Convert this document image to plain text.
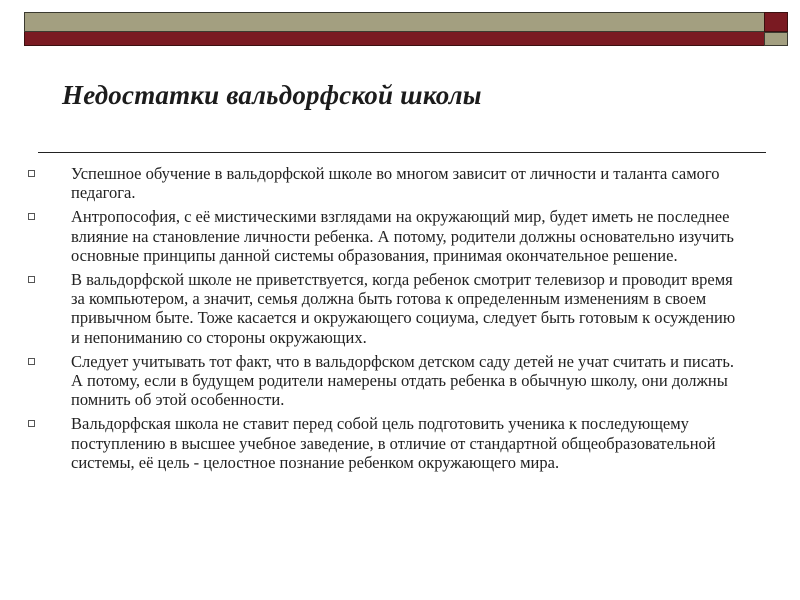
Недостатки вальдорфской школы
Успешное обучение в вальдорфской школе во многом зависит от личности и таланта самого педагога.
Антропософия, с её мистическими взглядами на окружающий мир, будет иметь не последнее влияние на становление личности ребенка. А потому, родители должны основательно изучить основные принципы данной системы образования, принимая окончательное решение.
В вальдорфской школе не приветствуется, когда ребенок смотрит телевизор и проводит время за компьютером, а значит, семья должна быть готова к определенным изменениям в своем привычном быте. Тоже касается и окружающего социума, следует быть готовым к осуждению и непониманию со стороны окружающих.
Следует учитывать тот факт, что в вальдорфском детском саду детей не учат считать и писать. А потому, если в будущем родители намерены отдать ребенка в обычную школу, они должны помнить об этой особенности.
Вальдорфская школа не ставит перед собой цель подготовить ученика к последующему поступлению в высшее учебное заведение, в отличие от стандартной общеобразовательной системы, её цель - целостное познание ребенком окружающего мира.
